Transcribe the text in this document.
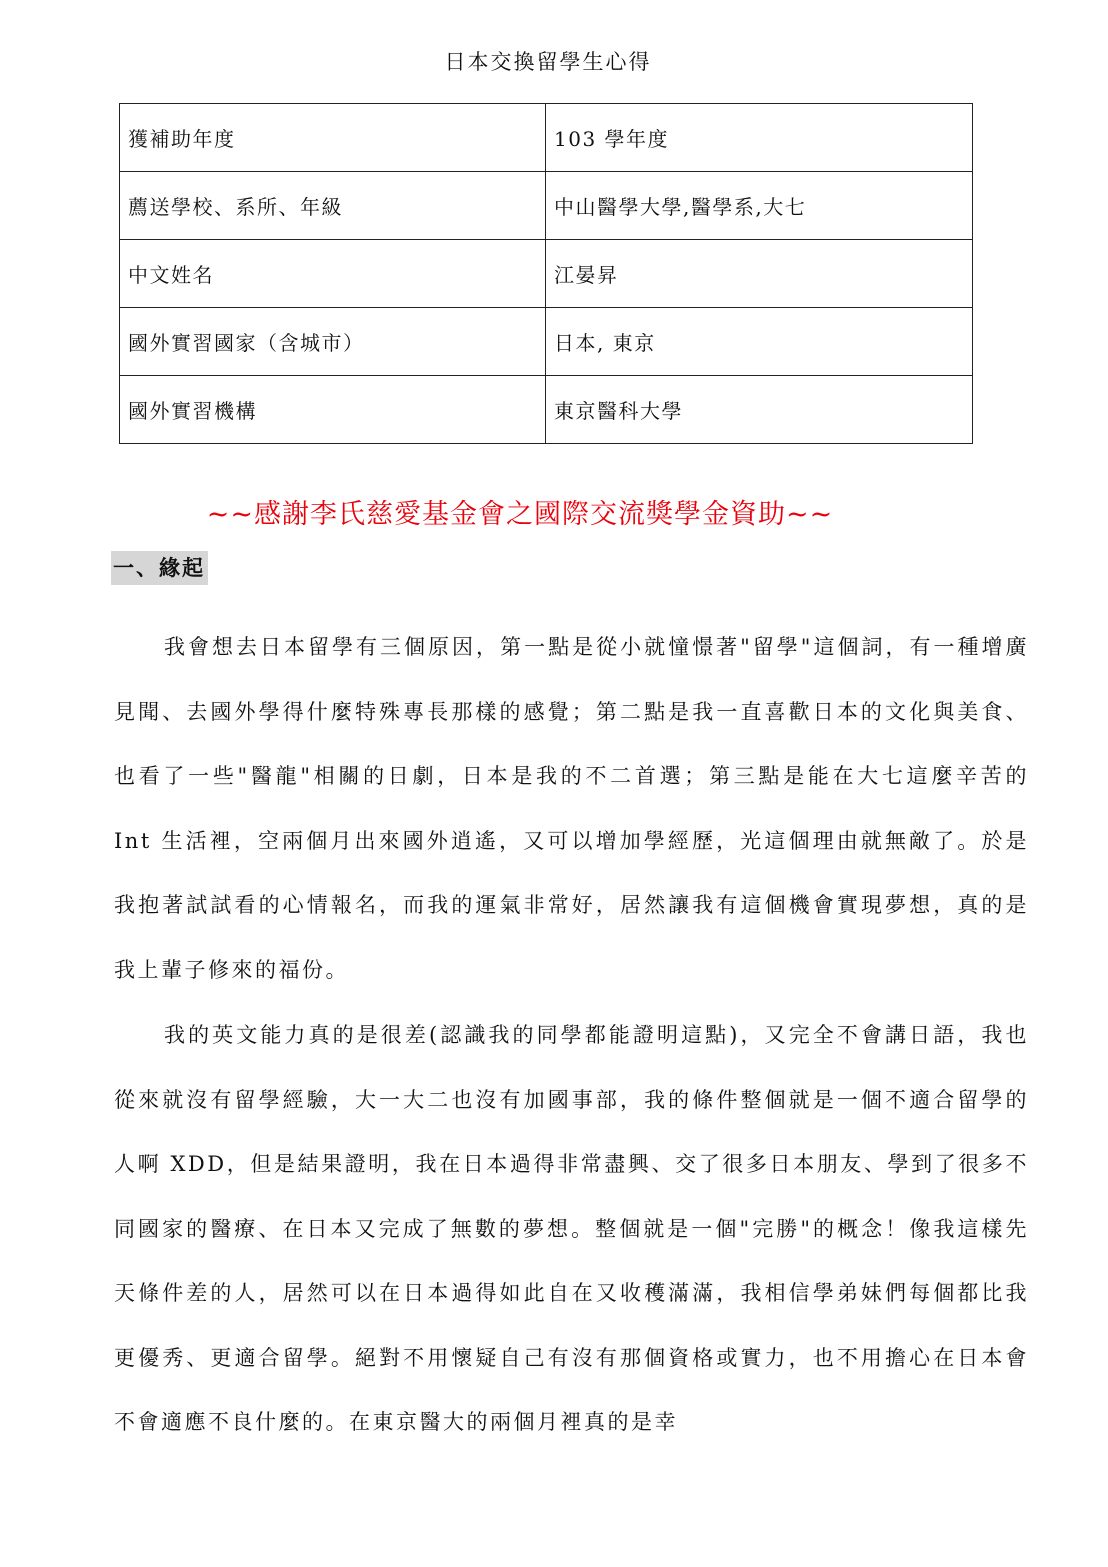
日本交換留學生心得
獲補助年度	103 學年度
薦送學校、系所、年級	中山醫學大學,醫學系,大七
中文姓名	江晏昇
國外實習國家（含城市）	日本, 東京
國外實習機構	東京醫科大學
~~感謝李氏慈愛基金會之國際交流獎學金資助~~
一、緣起

我會想去日本留學有三個原因，第一點是從小就憧憬著"留學"這個詞，有一種增廣見聞、去國外學得什麼特殊專長那樣的感覺；第二點是我一直喜歡日本的文化與美食、也看了一些"醫龍"相關的日劇，日本是我的不二首選；第三點是能在大七這麼辛苦的 Int 生活裡，空兩個月出來國外逍遙，又可以增加學經歷，光這個理由就無敵了。於是我抱著試試看的心情報名，而我的運氣非常好，居然讓我有這個機會實現夢想，真的是我上輩子修來的福份。

我的英文能力真的是很差(認識我的同學都能證明這點)，又完全不會講日語，我也從來就沒有留學經驗，大一大二也沒有加國事部，我的條件整個就是一個不適合留學的人啊 XDD，但是結果證明，我在日本過得非常盡興、交了很多日本朋友、學到了很多不同國家的醫療、在日本又完成了無數的夢想。整個就是一個"完勝"的概念！像我這樣先天條件差的人，居然可以在日本過得如此自在又收穫滿滿，我相信學弟妹們每個都比我更優秀、更適合留學。絕對不用懷疑自己有沒有那個資格或實力，也不用擔心在日本會不會適應不良什麼的。在東京醫大的兩個月裡真的是幸
